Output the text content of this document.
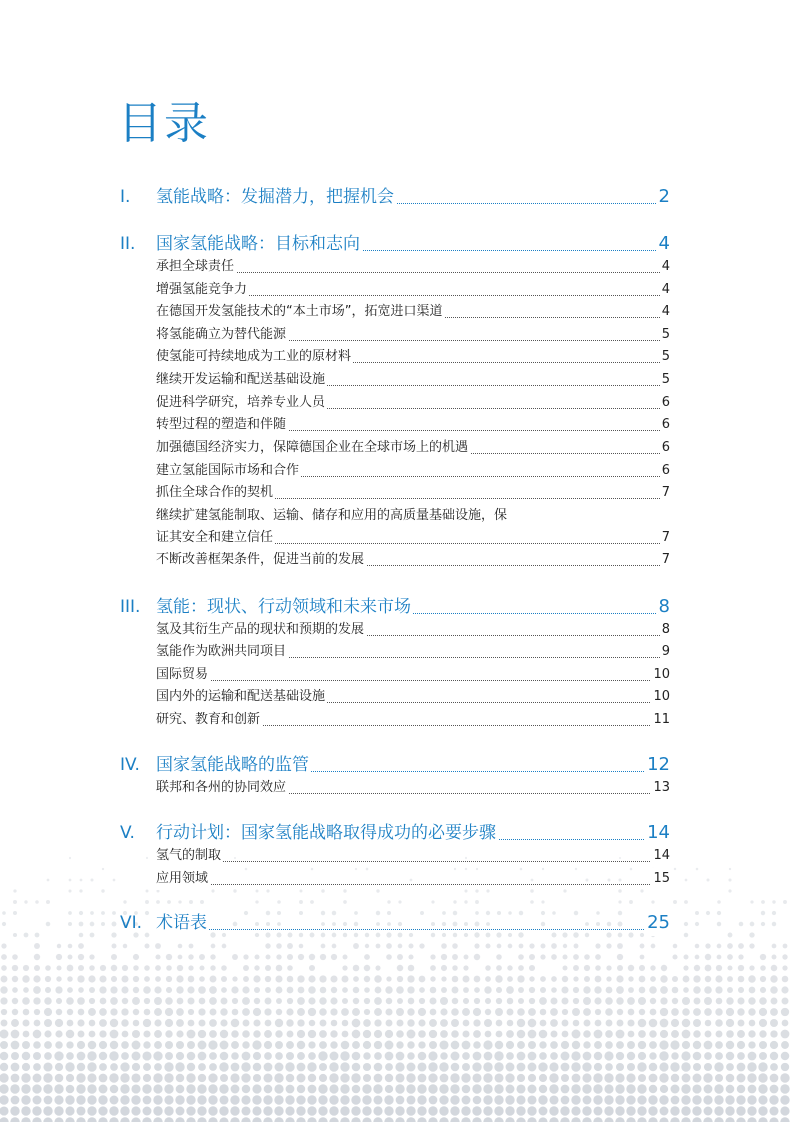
目录
I. 氢能战略：发掘潜力，把握机会	2
II. 国家氢能战略：目标和志向	4
承担全球责任	4
增强氢能竞争力	4
在德国开发氢能技术的“本土市场”，拓宽进口渠道	4
将氢能确立为替代能源	5
使氢能可持续地成为工业的原材料	5
继续开发运输和配送基础设施	5
促进科学研究，培养专业人员	6
转型过程的塑造和伴随	6
加强德国经济实力，保障德国企业在全球市场上的机遇	6
建立氢能国际市场和合作	6
抓住全球合作的契机	7
继续扩建氢能制取、运输、储存和应用的高质量基础设施，保
证其安全和建立信任	7
不断改善框架条件，促进当前的发展	7
III. 氢能：现状、行动领域和未来市场	8
氢及其衍生产品的现状和预期的发展	8
氢能作为欧洲共同项目	9
国际贸易	10
国内外的运输和配送基础设施	10
研究、教育和创新	11
IV. 国家氢能战略的监管	12
联邦和各州的协同效应	13
V. 行动计划：国家氢能战略取得成功的必要步骤	14
氢气的制取	14
应用领域	15
VI. 术语表	25
